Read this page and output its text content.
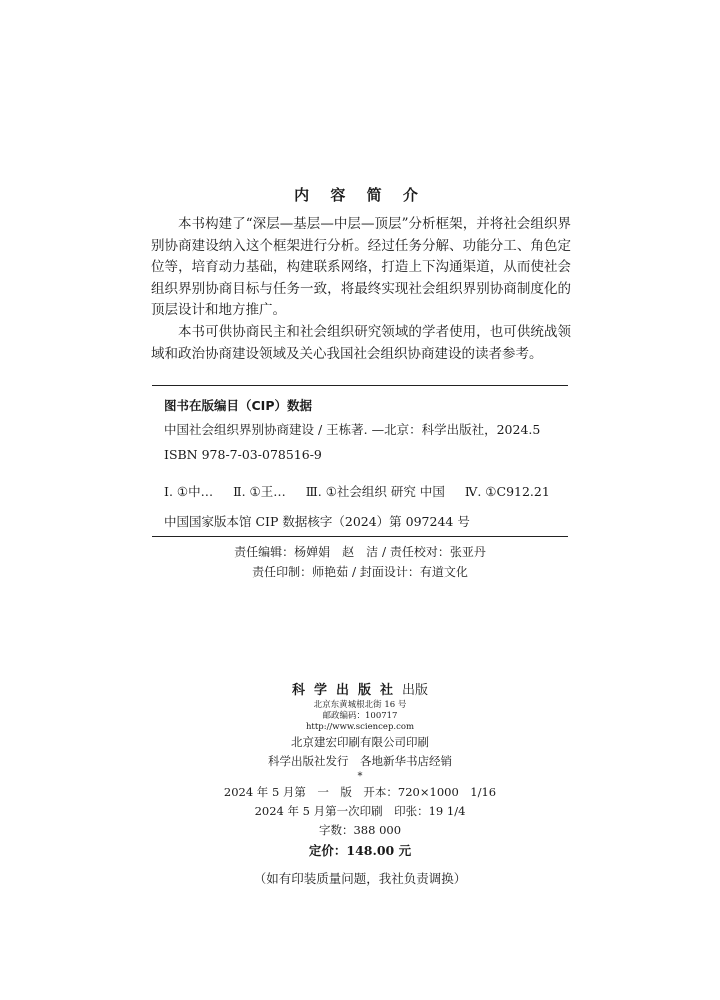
内 容 简 介

本书构建了“深层—基层—中层—顶层”分析框架，并将社会组织界别协商建设纳入这个框架进行分析。经过任务分解、功能分工、角色定位等，培育动力基础，构建联系网络，打造上下沟通渠道，从而使社会组织界别协商目标与任务一致，将最终实现社会组织界别协商制度化的顶层设计和地方推广。

本书可供协商民主和社会组织研究领域的学者使用，也可供统战领域和政治协商建设领域及关心我国社会组织协商建设的读者参考。

图书在版编目（CIP）数据
中国社会组织界别协商建设 / 王栋著. —北京：科学出版社，2024.5
ISBN 978-7-03-078516-9
Ⅰ. ①中… Ⅱ. ①王… Ⅲ. ①社会组织 研究 中国 Ⅳ. ①C912.21
中国国家版本馆 CIP 数据核字（2024）第 097244 号
责任编辑：杨婵娟　赵　洁 / 责任校对：张亚丹
责任印制：师艳茹 / 封面设计：有道文化
科学出版社出版
北京东黄城根北街 16 号
邮政编码：100717
http://www.sciencep.com
北京建宏印刷有限公司印刷
科学出版社发行　各地新华书店经销
*
2024 年 5 月第　一　版　开本：720×1000　1/16
2024 年 5 月第一次印刷　印张：19 1/4
字数：388 000
定价：148.00 元
（如有印装质量问题，我社负责调换）
